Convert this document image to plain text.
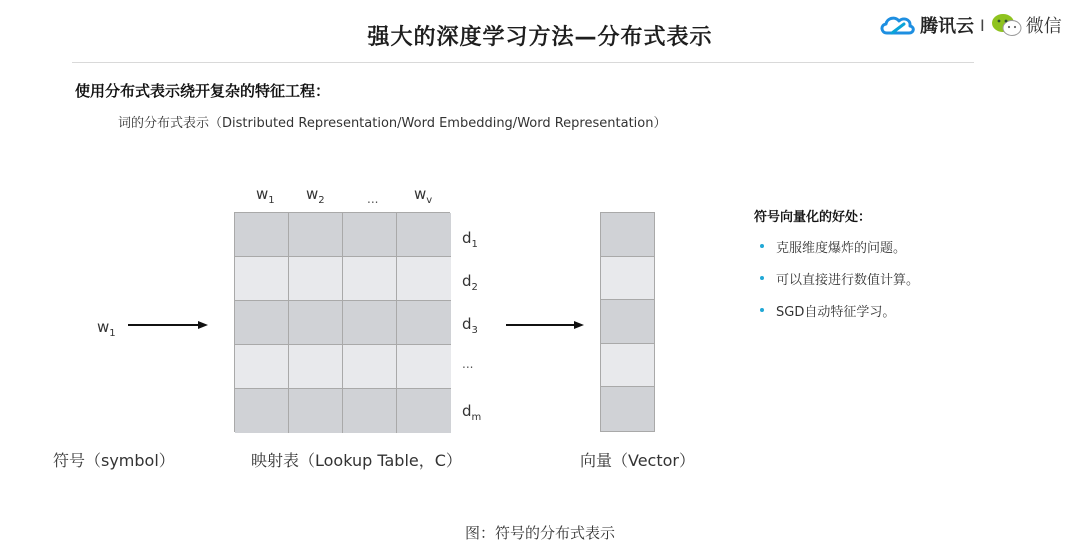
强大的深度学习方法—分布式表示	腾讯云 I 微信
使用分布式表示绕开复杂的特征工程：
词的分布式表示（Distributed Representation/Word Embedding/Word Representation）
$w_1$ $w_2$	... $w_v$
$d_1$
$d_2$
$d_3$
...
$d_m$
$w_1$
符号（symbol）	映射表（Lookup Table，C）	向量（Vector）
符号向量化的好处：
克服维度爆炸的问题。
可以直接进行数值计算。
SGD自动特征学习。
图：符号的分布式表示
